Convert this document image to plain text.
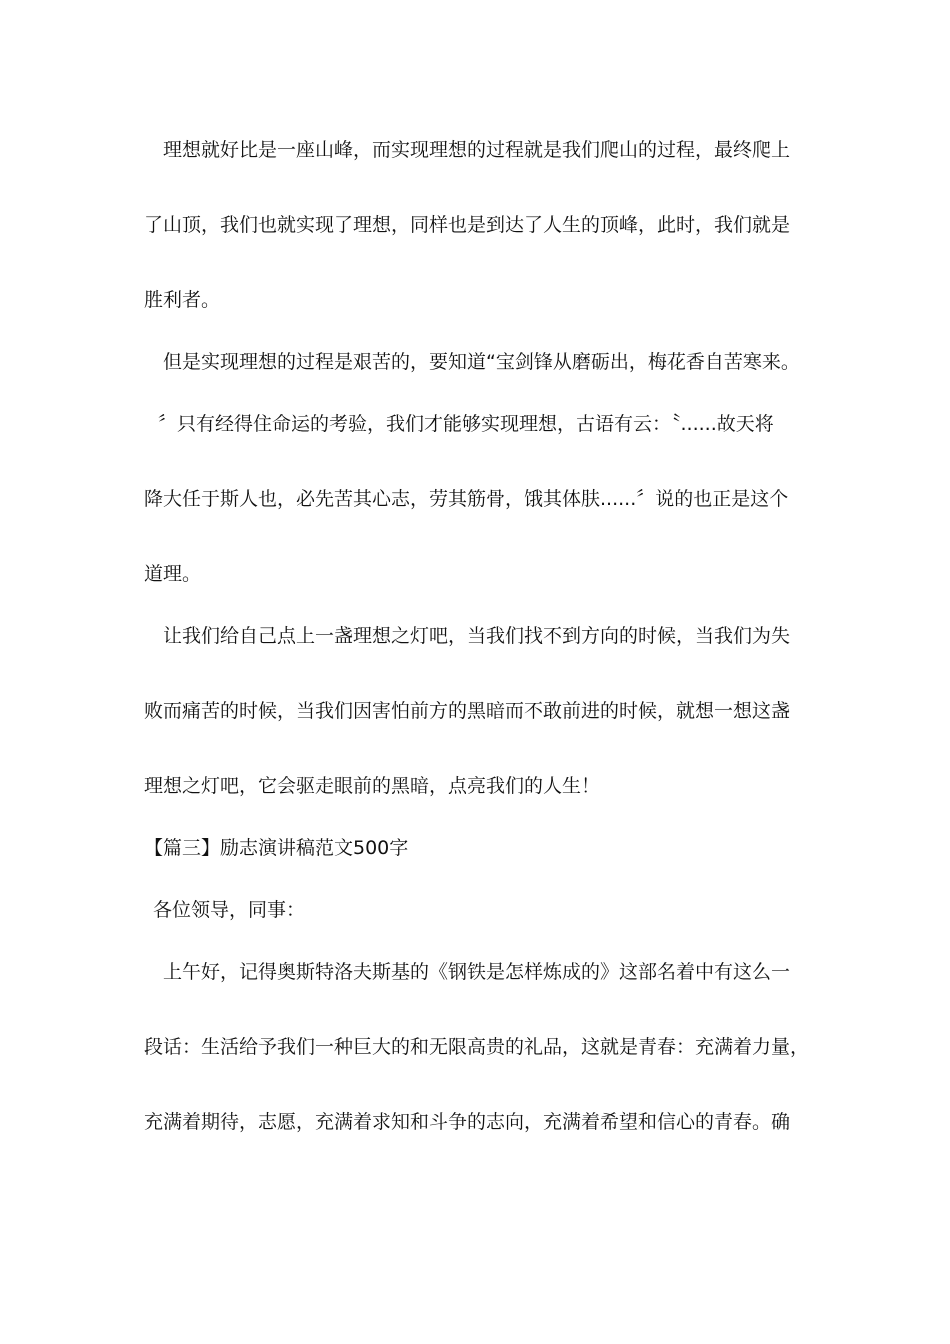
理想就好比是一座山峰，而实现理想的过程就是我们爬山的过程，最终爬上
了山顶，我们也就实现了理想，同样也是到达了人生的顶峰，此时，我们就是
胜利者。
但是实现理想的过程是艰苦的，要知道“宝剑锋从磨砺出，梅花香自苦寒来。
〞只有经得住命运的考验，我们才能够实现理想，古语有云：〝......故天将
降大任于斯人也，必先苦其心志，劳其筋骨，饿其体肤......〞说的也正是这个
道理。
让我们给自己点上一盏理想之灯吧，当我们找不到方向的时候，当我们为失
败而痛苦的时候，当我们因害怕前方的黑暗而不敢前进的时候，就想一想这盏
理想之灯吧，它会驱走眼前的黑暗，点亮我们的人生！
【篇三】励志演讲稿范文500字
各位领导，同事：
上午好，记得奥斯特洛夫斯基的《钢铁是怎样炼成的》这部名着中有这么一
段话：生活给予我们一种巨大的和无限高贵的礼品，这就是青春：充满着力量，
充满着期待，志愿，充满着求知和斗争的志向，充满着希望和信心的青春。确
